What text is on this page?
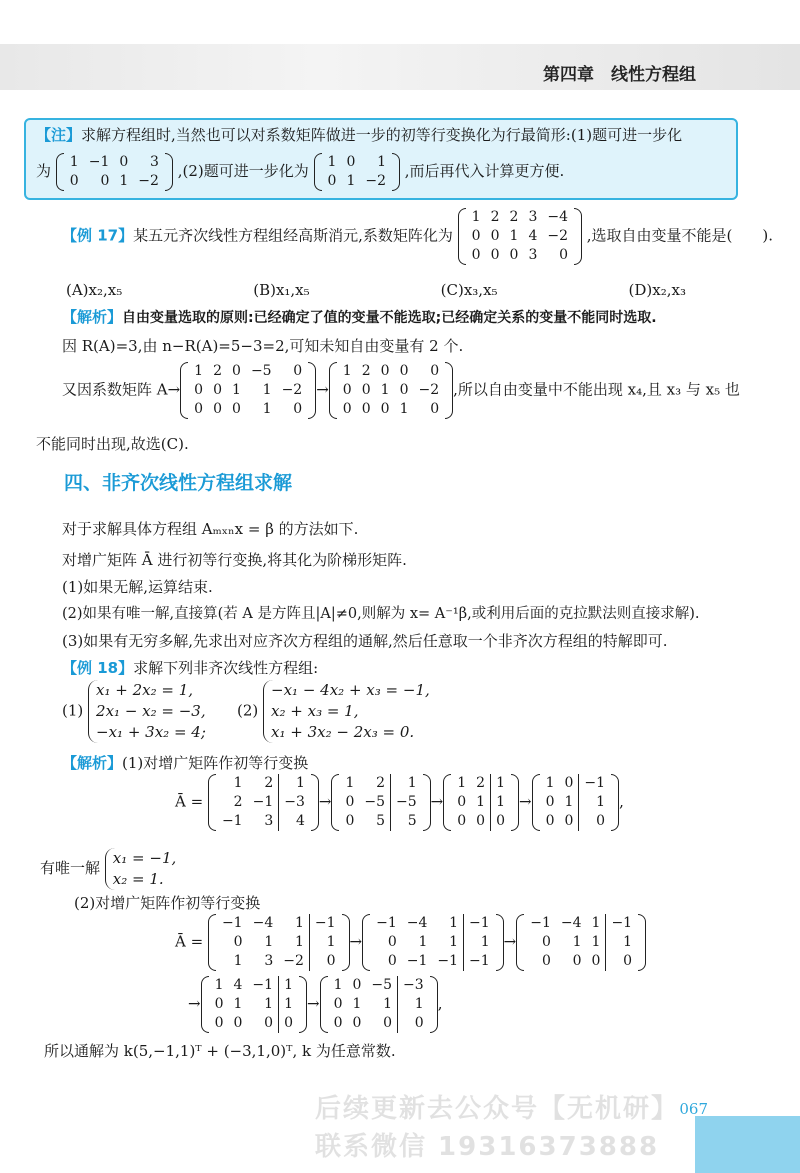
第四章　线性方程组
【注】求解方程组时,当然也可以对系数矩阵做进一步的初等行变换化为行最简形:(1)题可进一步化
为 1	−1	0	3
0	0	1	−2
,(2)题可进一步化为 1	0	1
0	1	−2
,而后再代入计算更方便.
【例 17】某五元齐次线性方程组经高斯消元,系数矩阵化为
1	2	2	3	−4
0	0	1	4	−2
0	0	0	3	0
,选取自由变量不能是(　　).
(A)x₂,x₅	(B)x₁,x₅	(C)x₃,x₅	(D)x₂,x₃
【解析】自由变量选取的原则:已经确定了值的变量不能选取;已经确定关系的变量不能同时选取.
因 R(A)=3,由 n−R(A)=5−3=2,可知未知自由变量有 2 个.
又因系数矩阵 A→
1	2	0	−5	0
0	0	1	1	−2
0	0	0	1	0
→
1	2	0	0	0
0	0	1	0	−2
0	0	0	1	0
,所以自由变量中不能出现 x₄,且 x₃ 与 x₅ 也
不能同时出现,故选(C).
四、非齐次线性方程组求解
对于求解具体方程组 Aₘₓₙx = β 的方法如下.
对增广矩阵 Ā 进行初等行变换,将其化为阶梯形矩阵.
(1)如果无解,运算结束.
(2)如果有唯一解,直接算(若 A 是方阵且|A|≠0,则解为 x= A⁻¹β,或利用后面的克拉默法则直接求解).
(3)如果有无穷多解,先求出对应齐次方程组的通解,然后任意取一个非齐次方程组的特解即可.
【例 18】求解下列非齐次线性方程组:
(1)
x₁ + 2x₂ = 1,
2x₁ − x₂ = −3,
−x₁ + 3x₂ = 4;
(2)
−x₁ − 4x₂ + x₃ = −1,
x₂ + x₃ = 1,
x₁ + 3x₂ − 2x₃ = 0.
【解析】(1)对增广矩阵作初等行变换
Ā =
1	2	1
2	−1	−3
−1	3	4
→
1	2	1
0	−5	−5
0	5	5
→
1	2	1
0	1	1
0	0	0
→
1	0	−1
0	1	1
0	0	0
,
有唯一解
x₁ = −1,
x₂ = 1.
(2)对增广矩阵作初等行变换
Ā =
−1	−4	1	−1
0	1	1	1
1	3	−2	0
→
−1	−4	1	−1
0	1	1	1
0	−1	−1	−1
→
−1	−4	1	−1
0	1	1	1
0	0	0	0
→
1	4	−1	1
0	1	1	1
0	0	0	0
→
1	0	−5	−3
0	1	1	1
0	0	0	0
,
所以通解为 k(5,−1,1)ᵀ + (−3,1,0)ᵀ, k 为任意常数.
067
后续更新去公众号【无机研】
联系微信 19316373888
